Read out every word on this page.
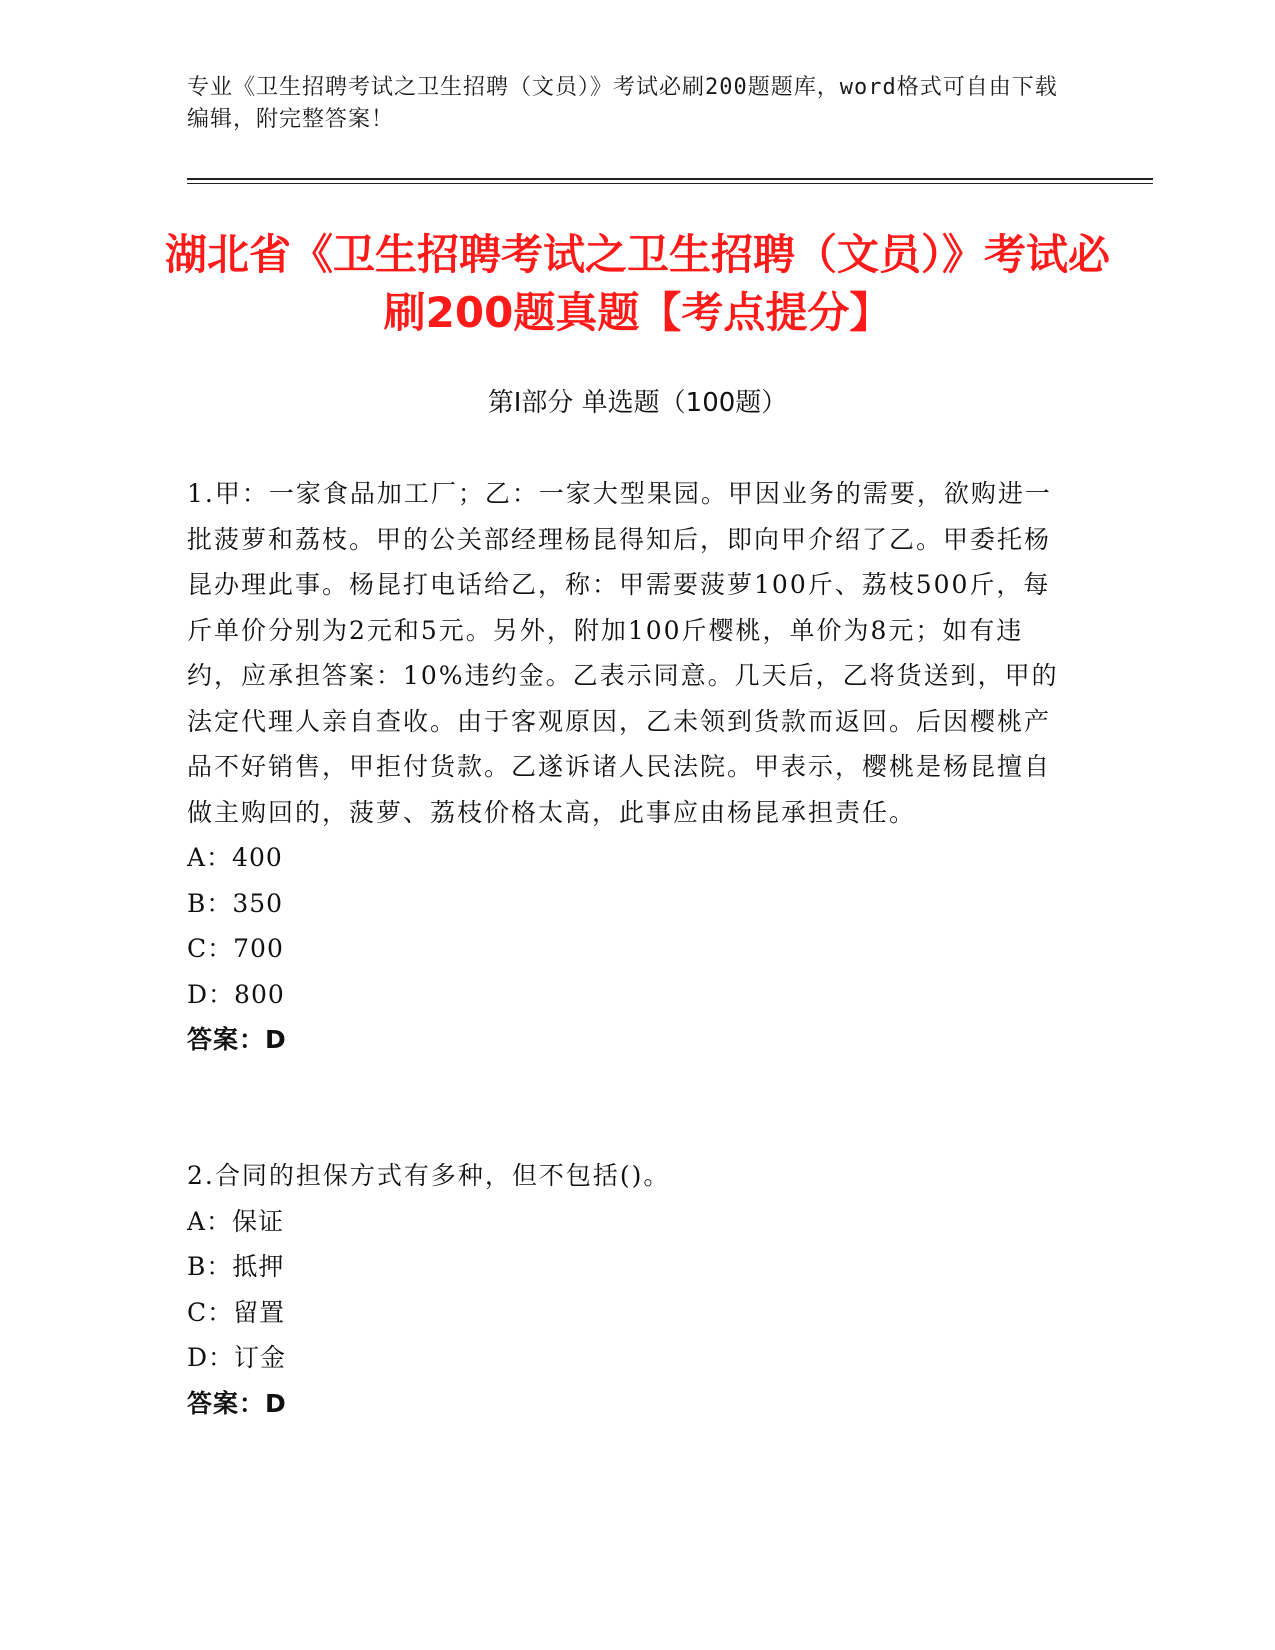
专业《卫生招聘考试之卫生招聘（文员）》考试必刷200题题库，word格式可自由下载编辑，附完整答案！
湖北省《卫生招聘考试之卫生招聘（文员）》考试必刷200题真题【考点提分】
第Ⅰ部分 单选题（100题）
1.甲：一家食品加工厂；乙：一家大型果园。甲因业务的需要，欲购进一批菠萝和荔枝。甲的公关部经理杨昆得知后，即向甲介绍了乙。甲委托杨昆办理此事。杨昆打电话给乙，称：甲需要菠萝100斤、荔枝500斤，每斤单价分别为2元和5元。另外，附加100斤樱桃，单价为8元；如有违约，应承担答案：10%违约金。乙表示同意。几天后，乙将货送到，甲的法定代理人亲自查收。由于客观原因，乙未领到货款而返回。后因樱桃产品不好销售，甲拒付货款。乙遂诉诸人民法院。甲表示，樱桃是杨昆擅自做主购回的，菠萝、荔枝价格太高，此事应由杨昆承担责任。
A：400
B：350
C：700
D：800
答案：D
2.合同的担保方式有多种，但不包括()。
A：保证
B：抵押
C：留置
D：订金
答案：D
